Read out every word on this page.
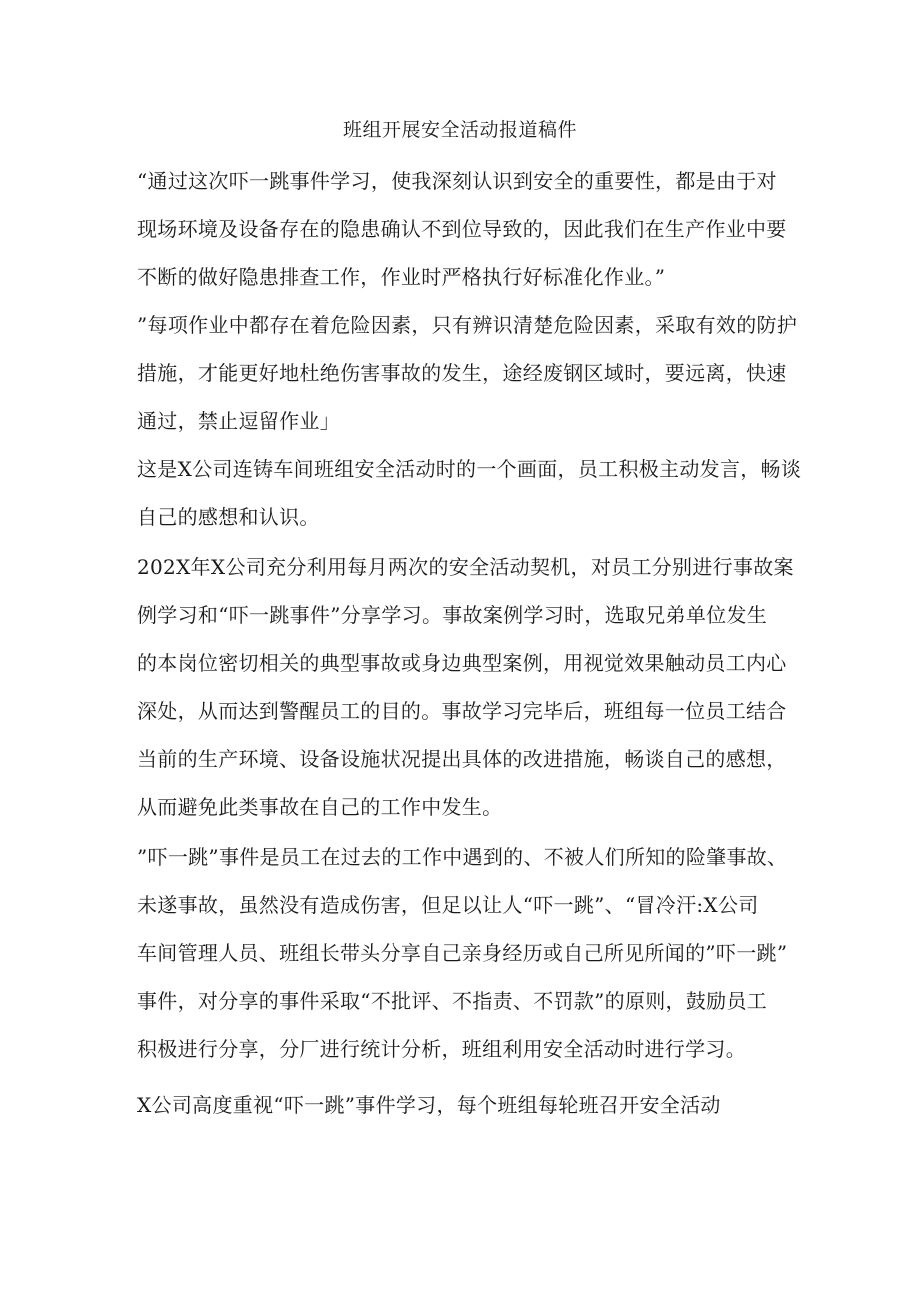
班组开展安全活动报道稿件
“通过这次吓一跳事件学习，使我深刻认识到安全的重要性，都是由于对
现场环境及设备存在的隐患确认不到位导致的，因此我们在生产作业中要
不断的做好隐患排查工作，作业时严格执行好标准化作业。”
”每项作业中都存在着危险因素，只有辨识清楚危险因素，采取有效的防护
措施，才能更好地杜绝伤害事故的发生，途经废钢区域时，要远离，快速
通过，禁止逗留作业」
这是X公司连铸车间班组安全活动时的一个画面，员工积极主动发言，畅谈
自己的感想和认识。
202X年X公司充分利用每月两次的安全活动契机，对员工分别进行事故案
例学习和“吓一跳事件”分享学习。事故案例学习时，选取兄弟单位发生
的本岗位密切相关的典型事故或身边典型案例，用视觉效果触动员工内心
深处，从而达到警醒员工的目的。事故学习完毕后，班组每一位员工结合
当前的生产环境、设备设施状况提出具体的改进措施，畅谈自己的感想，
从而避免此类事故在自己的工作中发生。
”吓一跳”事件是员工在过去的工作中遇到的、不被人们所知的险肇事故、
未遂事故，虽然没有造成伤害，但足以让人“吓一跳”、“冒冷汗:X公司
车间管理人员、班组长带头分享自己亲身经历或自己所见所闻的”吓一跳”
事件，对分享的事件采取“不批评、不指责、不罚款”的原则，鼓励员工
积极进行分享，分厂进行统计分析，班组利用安全活动时进行学习。
X公司高度重视“吓一跳”事件学习，每个班组每轮班召开安全活动
